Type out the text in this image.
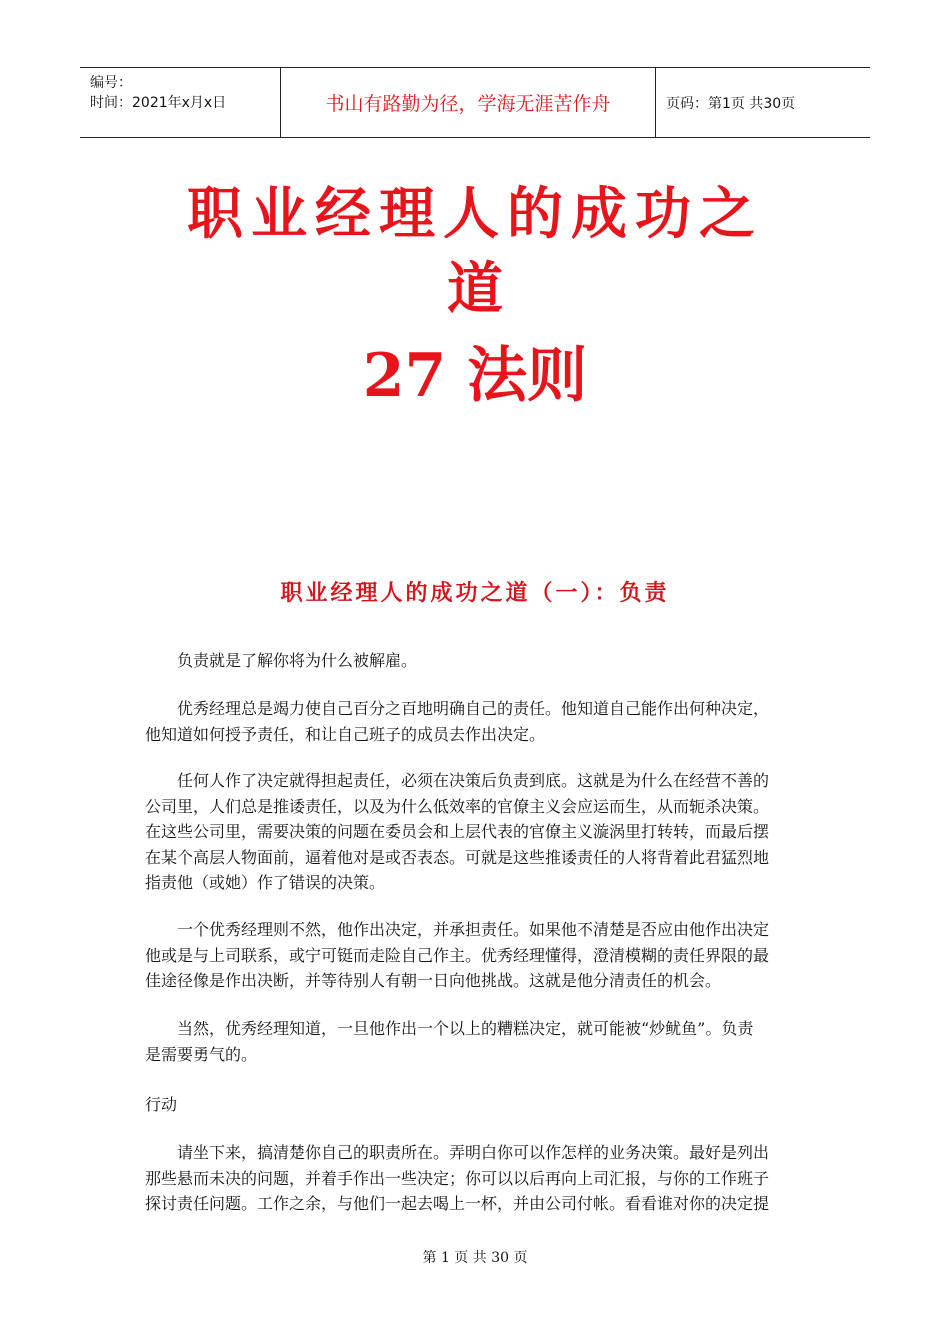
编号：
时间：2021年x月x日	书山有路勤为径，学海无涯苦作舟	页码：第1页 共30页
职业经理人的成功之
道
27 法则
职业经理人的成功之道（一）：负责
负责就是了解你将为什么被解雇。
优秀经理总是竭力使自己百分之百地明确自己的责任。他知道自己能作出何种决定，
他知道如何授予责任，和让自己班子的成员去作出决定。
任何人作了决定就得担起责任，必须在决策后负责到底。这就是为什么在经营不善的
公司里，人们总是推诿责任，以及为什么低效率的官僚主义会应运而生，从而轭杀决策。
在这些公司里，需要决策的问题在委员会和上层代表的官僚主义漩涡里打转转，而最后摆
在某个高层人物面前，逼着他对是或否表态。可就是这些推诿责任的人将背着此君猛烈地
指责他（或她）作了错误的决策。
一个优秀经理则不然，他作出决定，并承担责任。如果他不清楚是否应由他作出决定
他或是与上司联系，或宁可铤而走险自己作主。优秀经理懂得，澄清模糊的责任界限的最
佳途径像是作出决断，并等待别人有朝一日向他挑战。这就是他分清责任的机会。
当然，优秀经理知道，一旦他作出一个以上的糟糕决定，就可能被“炒鱿鱼”。负责
是需要勇气的。
行动
请坐下来，搞清楚你自己的职责所在。弄明白你可以作怎样的业务决策。最好是列出
那些悬而未决的问题，并着手作出一些决定；你可以以后再向上司汇报，与你的工作班子
探讨责任问题。工作之余，与他们一起去喝上一杯，并由公司付帐。看看谁对你的决定提
第 1 页 共 30 页
